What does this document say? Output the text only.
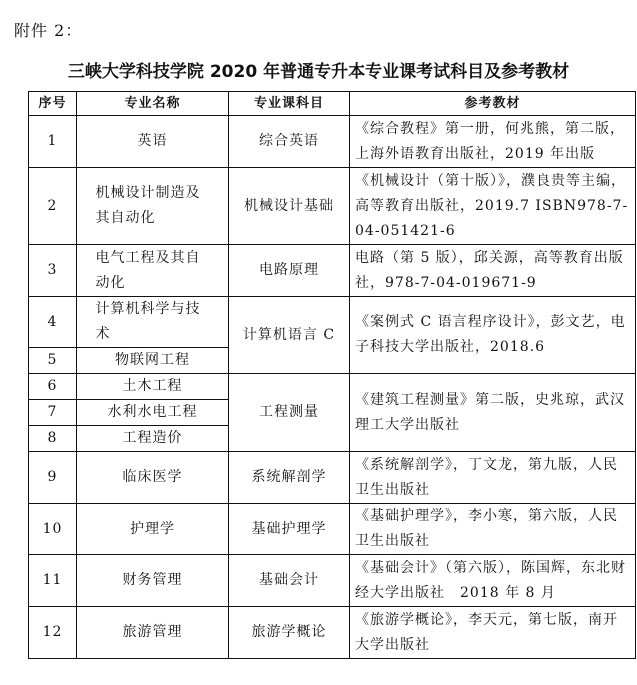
附件 2：
三峡大学科技学院 2020 年普通专升本专业课考试科目及参考教材
序号	专业名称	专业课科目	参考教材
1	英语	综合英语	《综合教程》第一册，何兆熊，第二版，上海外语教育出版社，2019 年出版
2	机械设计制造及其自动化	机械设计基础	《机械设计（第十版）》，濮良贵等主编，高等教育出版社，2019.7 ISBN978-7-04-051421-6
3	电气工程及其自动化	电路原理	电路（第 5 版），邱关源，高等教育出版社，978-7-04-019671-9
4	计算机科学与技术	计算机语言 C	《案例式 C 语言程序设计》，彭文艺，电子科技大学出版社，2018.6
5	物联网工程		
6	土木工程	工程测量	《建筑工程测量》第二版，史兆琼，武汉理工大学出版社
7	水利水电工程		
8	工程造价		
9	临床医学	系统解剖学	《系统解剖学》，丁文龙，第九版，人民卫生出版社
10	护理学	基础护理学	《基础护理学》，李小寒，第六版，人民卫生出版社
11	财务管理	基础会计	《基础会计》（第六版），陈国辉，东北财经大学出版社　2018 年 8 月
12	旅游管理	旅游学概论	《旅游学概论》，李天元，第七版，南开大学出版社
